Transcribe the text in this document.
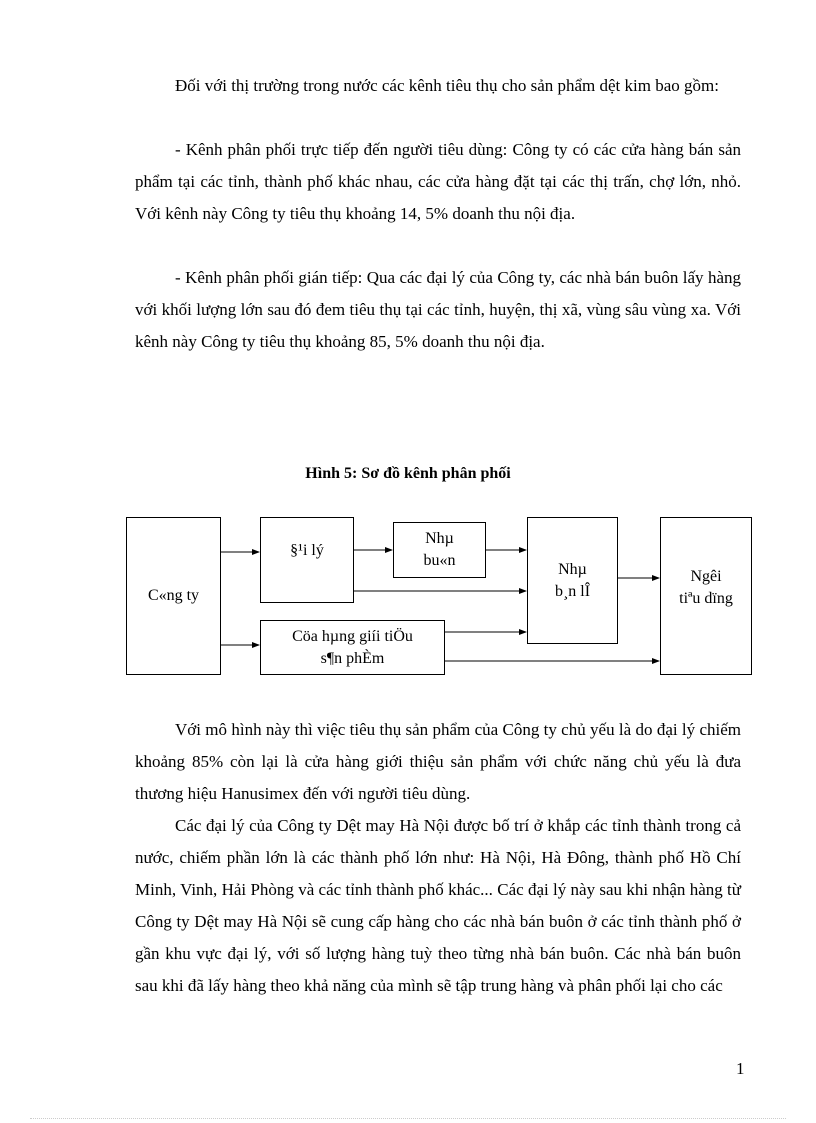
Đối với thị trường trong nước các kênh tiêu thụ cho sản phẩm dệt kim bao gồm:

- Kênh phân phối trực tiếp đến người tiêu dùng: Công ty có các cửa hàng bán sản phẩm tại các tỉnh, thành phố khác nhau, các cửa hàng đặt tại các thị trấn, chợ lớn, nhỏ. Với kênh này Công ty tiêu thụ khoảng 14, 5% doanh thu nội địa.

- Kênh phân phối gián tiếp: Qua các đại lý của Công ty, các nhà bán buôn lấy hàng với khối lượng lớn sau đó đem tiêu thụ tại các tỉnh, huyện, thị xã, vùng sâu vùng xa. Với kênh này Công ty tiêu thụ khoảng 85, 5% doanh thu nội địa.

Hình 5: Sơ đồ kênh phân phối
C«ng ty
§¹i lý
Nhµ
bu«n	Nhµ
b¸n lÎ
Cöa hµng giíi tiÖu
s¶n phÈm
Ngêi
tiªu dïng

Với mô hình này thì việc tiêu thụ sản phẩm của Công ty chủ yếu là do đại lý chiếm khoảng 85% còn lại là cửa hàng giới thiệu sản phẩm với chức năng chủ yếu là đưa thương hiệu Hanusimex đến với người tiêu dùng.

Các đại lý của Công ty Dệt may Hà Nội được bố trí ở khắp các tỉnh thành trong cả nước, chiếm phần lớn là các thành phố lớn như: Hà Nội, Hà Đông, thành phố Hồ Chí Minh, Vinh, Hải Phòng và các tỉnh thành phố khác... Các đại lý này sau khi nhận hàng từ Công ty Dệt may Hà Nội sẽ cung cấp hàng cho các nhà bán buôn ở các tỉnh thành phố ở gần khu vực đại lý, với số lượng hàng tuỳ theo từng nhà bán buôn. Các nhà bán buôn sau khi đã lấy hàng theo khả năng của mình sẽ tập trung hàng và phân phối lại cho các

1
